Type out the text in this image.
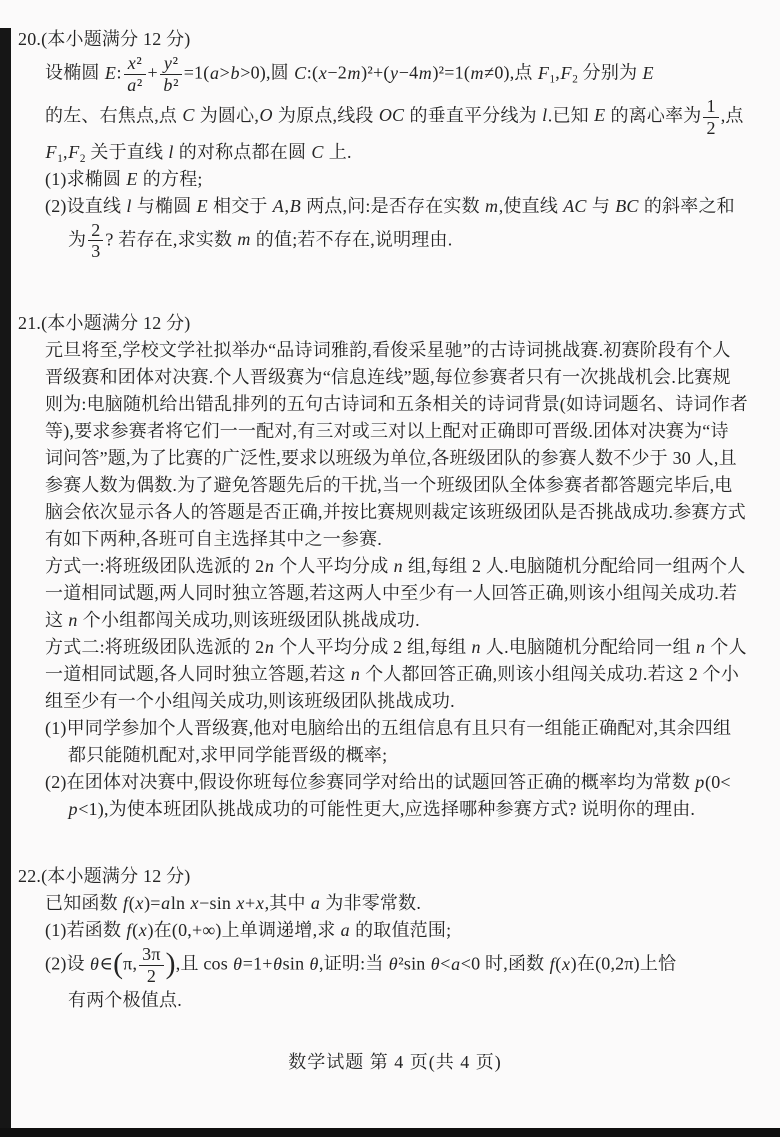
20.(本小题满分 12 分)
设椭圆 E: $\frac{\text{x²}}{\text{a²}} + \frac{\text{y²}}{\text{b²}} =1(a>b>0)$,圆 C:(x−2m)²+(y−4m)²=1(m≠0),点 $F_1,F_2$ 分别为 E
的左、右焦点,点 C 为圆心,O 为原点,线段 OC 的垂直平分线为 l.已知 E 的离心率为 $\frac{1}{2}$ ,点
$F_1,F_2$ 关于直线 l 的对称点都在圆 C 上.
(1)求椭圆 E 的方程;
(2)设直线 l 与椭圆 E 相交于 A,B 两点,问:是否存在实数 m,使直线 AC 与 BC 的斜率之和
为 $\frac{2}{3}$ ? 若存在,求实数 m 的值;若不存在,说明理由.
21.(本小题满分 12 分)
元旦将至,学校文学社拟举办“品诗词雅韵,看俊采星驰”的古诗词挑战赛.初赛阶段有个人
晋级赛和团体对决赛.个人晋级赛为“信息连线”题,每位参赛者只有一次挑战机会.比赛规
则为:电脑随机给出错乱排列的五句古诗词和五条相关的诗词背景(如诗词题名、诗词作者
等),要求参赛者将它们一一配对,有三对或三对以上配对正确即可晋级.团体对决赛为“诗
词问答”题,为了比赛的广泛性,要求以班级为单位,各班级团队的参赛人数不少于 30 人,且
参赛人数为偶数.为了避免答题先后的干扰,当一个班级团队全体参赛者都答题完毕后,电
脑会依次显示各人的答题是否正确,并按比赛规则裁定该班级团队是否挑战成功.参赛方式
有如下两种,各班可自主选择其中之一参赛.
方式一:将班级团队选派的 2n 个人平均分成 n 组,每组 2 人.电脑随机分配给同一组两个人
一道相同试题,两人同时独立答题,若这两人中至少有一人回答正确,则该小组闯关成功.若
这 n 个小组都闯关成功,则该班级团队挑战成功.
方式二:将班级团队选派的 2n 个人平均分成 2 组,每组 n 人.电脑随机分配给同一组 n 个人
一道相同试题,各人同时独立答题,若这 n 个人都回答正确,则该小组闯关成功.若这 2 个小
组至少有一个小组闯关成功,则该班级团队挑战成功.
(1)甲同学参加个人晋级赛,他对电脑给出的五组信息有且只有一组能正确配对,其余四组
都只能随机配对,求甲同学能晋级的概率;
(2)在团体对决赛中,假设你班每位参赛同学对给出的试题回答正确的概率均为常数 p(0<
p<1),为使本班团队挑战成功的可能性更大,应选择哪种参赛方式? 说明你的理由.
22.(本小题满分 12 分)
已知函数 f(x)=aln x−sin x+x,其中 a 为非零常数.
(1)若函数 f(x)在(0,+∞)上单调递增,求 a 的取值范围;
(2)设 θ∈(π, $\frac{3\pi}{2}$ ),且 cos θ=1+θsin θ,证明:当 θ²sin θ<a<0 时,函数 f(x)在(0,2π)上恰
有两个极值点.
数学试题 第 4 页(共 4 页)
